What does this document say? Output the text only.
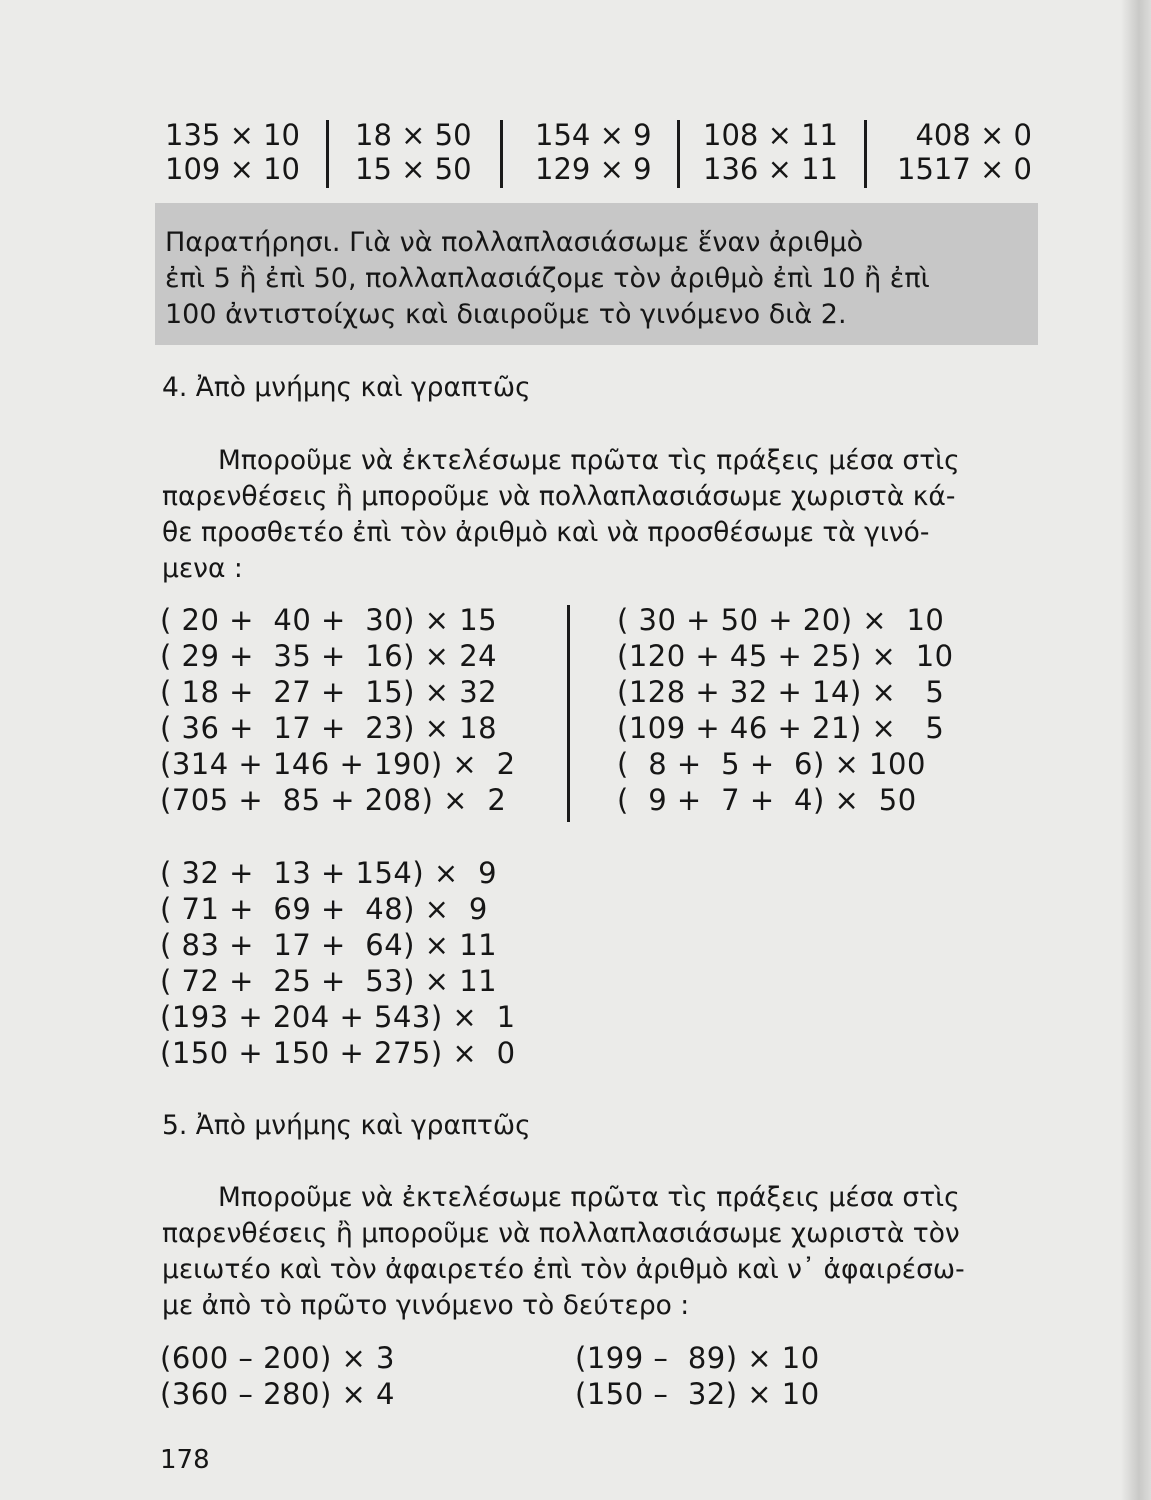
135 × 10
109 × 10
18 × 50
15 × 50
154 × 9
129 × 9
108 × 11
136 × 11
408 × 0
1517 × 0

Παρατήρησι. Γιὰ νὰ πολλαπλασιάσωμε ἕναν ἀριθμὸ

ἐπὶ 5 ἢ ἐπὶ 50, πολλαπλασιάζομε τὸν ἀριθμὸ ἐπὶ 10 ἢ ἐπὶ

100 ἀντιστοίχως καὶ διαιροῦμε τὸ γινόμενο διὰ 2.

4. Ἀπὸ μνήμης καὶ γραπτῶς
Μποροῦμε νὰ ἐκτελέσωμε πρῶτα τὶς πράξεις μέσα στὶς
παρενθέσεις ἢ μποροῦμε νὰ πολλαπλασιάσωμε χωριστὰ κά-
θε προσθετέο ἐπὶ τὸν ἀριθμὸ καὶ νὰ προσθέσωμε τὰ γινό-
μενα :
( 20 +  40 +  30) × 15
( 29 +  35 +  16) × 24
( 18 +  27 +  15) × 32
( 36 +  17 +  23) × 18
(314 + 146 + 190) ×  2
(705 +  85 + 208) ×  2
( 30 + 50 + 20) ×  10
(120 + 45 + 25) ×  10
(128 + 32 + 14) ×   5
(109 + 46 + 21) ×   5
(  8 +  5 +  6) × 100
(  9 +  7 +  4) ×  50
( 32 +  13 + 154) ×  9
( 71 +  69 +  48) ×  9
( 83 +  17 +  64) × 11
( 72 +  25 +  53) × 11
(193 + 204 + 543) ×  1
(150 + 150 + 275) ×  0
5. Ἀπὸ μνήμης καὶ γραπτῶς
Μποροῦμε νὰ ἐκτελέσωμε πρῶτα τὶς πράξεις μέσα στὶς
παρενθέσεις ἢ μποροῦμε νὰ πολλαπλασιάσωμε χωριστὰ τὸν
μειωτέο καὶ τὸν ἀφαιρετέο ἐπὶ τὸν ἀριθμὸ καὶ ν᾽ ἀφαιρέσω-
με ἀπὸ τὸ πρῶτο γινόμενο τὸ δεύτερο :
(600 – 200) × 3
(360 – 280) × 4
(199 –  89) × 10
(150 –  32) × 10
178
